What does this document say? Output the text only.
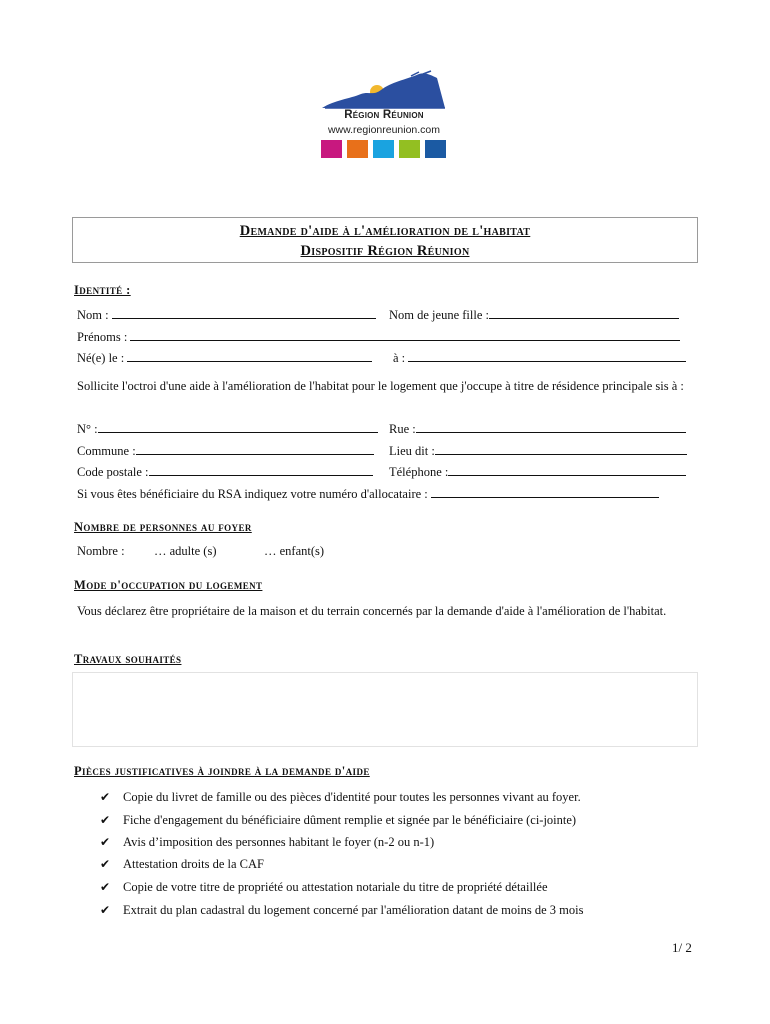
Région Réunion
www.regionreunion.com
Demande d'aide à l'amélioration de l'habitat
Dispositif Région Réunion
Identité :
Nom :	Nom de jeune fille :
Prénoms :
Né(e) le :	à :
Sollicite l'octroi d'une aide à l'amélioration de l'habitat pour le logement que j'occupe à titre de résidence principale sis à :
N° :	Rue :
Commune :	Lieu dit :
Code postale :	Téléphone :
Si vous êtes bénéficiaire du RSA indiquez votre numéro d'allocataire :
Nombre de personnes au foyer
Nombre : … adulte (s)	… enfant(s)
Mode d'occupation du logement
Vous déclarez être propriétaire de la maison et du terrain concernés par la demande d'aide à l'amélioration de l'habitat.
Travaux souhaités
Pièces justificatives à joindre à la demande d'aide
✔	Copie du livret de famille ou des pièces d'identité pour toutes les personnes vivant au foyer.
✔	Fiche d'engagement du bénéficiaire dûment remplie et signée par le bénéficiaire (ci-jointe)
✔	Avis d’imposition des personnes habitant le foyer (n-2 ou n-1)
✔	Attestation droits de la CAF
✔	Copie de votre titre de propriété ou attestation notariale du titre de propriété détaillée
✔	Extrait du plan cadastral du logement concerné par l'amélioration datant de moins de 3 mois
1/ 2
